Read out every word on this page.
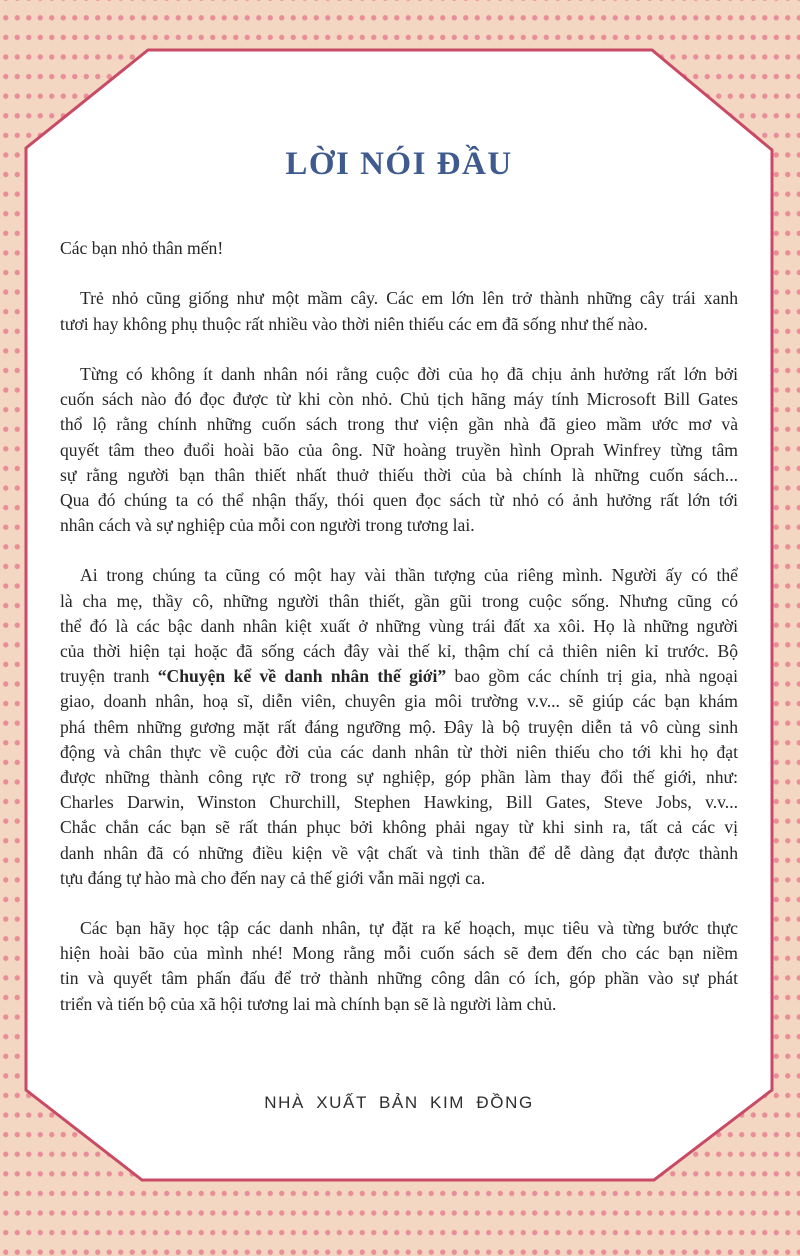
LỜI NÓI ĐẦU

Các bạn nhỏ thân mến!

Trẻ nhỏ cũng giống như một mầm cây. Các em lớn lên trở thành những cây trái xanh
tươi hay không phụ thuộc rất nhiều vào thời niên thiếu các em đã sống như thế nào.

Từng có không ít danh nhân nói rằng cuộc đời của họ đã chịu ảnh hưởng rất lớn bởi
cuốn sách nào đó đọc được từ khi còn nhỏ. Chủ tịch hãng máy tính Microsoft Bill Gates
thổ lộ rằng chính những cuốn sách trong thư viện gần nhà đã gieo mầm ước mơ và
quyết tâm theo đuổi hoài bão của ông. Nữ hoàng truyền hình Oprah Winfrey từng tâm
sự rằng người bạn thân thiết nhất thuở thiếu thời của bà chính là những cuốn sách...
Qua đó chúng ta có thể nhận thấy, thói quen đọc sách từ nhỏ có ảnh hưởng rất lớn tới
nhân cách và sự nghiệp của mỗi con người trong tương lai.

Ai trong chúng ta cũng có một hay vài thần tượng của riêng mình. Người ấy có thể
là cha mẹ, thầy cô, những người thân thiết, gần gũi trong cuộc sống. Nhưng cũng có
thể đó là các bậc danh nhân kiệt xuất ở những vùng trái đất xa xôi. Họ là những người
của thời hiện tại hoặc đã sống cách đây vài thế kỉ, thậm chí cả thiên niên kỉ trước. Bộ
truyện tranh “Chuyện kể về danh nhân thế giới” bao gồm các chính trị gia, nhà ngoại
giao, doanh nhân, hoạ sĩ, diễn viên, chuyên gia môi trường v.v... sẽ giúp các bạn khám
phá thêm những gương mặt rất đáng ngưỡng mộ. Đây là bộ truyện diễn tả vô cùng sinh
động và chân thực về cuộc đời của các danh nhân từ thời niên thiếu cho tới khi họ đạt
được những thành công rực rỡ trong sự nghiệp, góp phần làm thay đổi thế giới, như:
Charles Darwin, Winston Churchill, Stephen Hawking, Bill Gates, Steve Jobs, v.v...
Chắc chắn các bạn sẽ rất thán phục bởi không phải ngay từ khi sinh ra, tất cả các vị
danh nhân đã có những điều kiện về vật chất và tinh thần để dễ dàng đạt được thành
tựu đáng tự hào mà cho đến nay cả thế giới vẫn mãi ngợi ca.

Các bạn hãy học tập các danh nhân, tự đặt ra kế hoạch, mục tiêu và từng bước thực
hiện hoài bão của mình nhé! Mong rằng mỗi cuốn sách sẽ đem đến cho các bạn niềm
tin và quyết tâm phấn đấu để trở thành những công dân có ích, góp phần vào sự phát
triển và tiến bộ của xã hội tương lai mà chính bạn sẽ là người làm chủ.

NHÀ XUẤT BẢN KIM ĐỒNG
